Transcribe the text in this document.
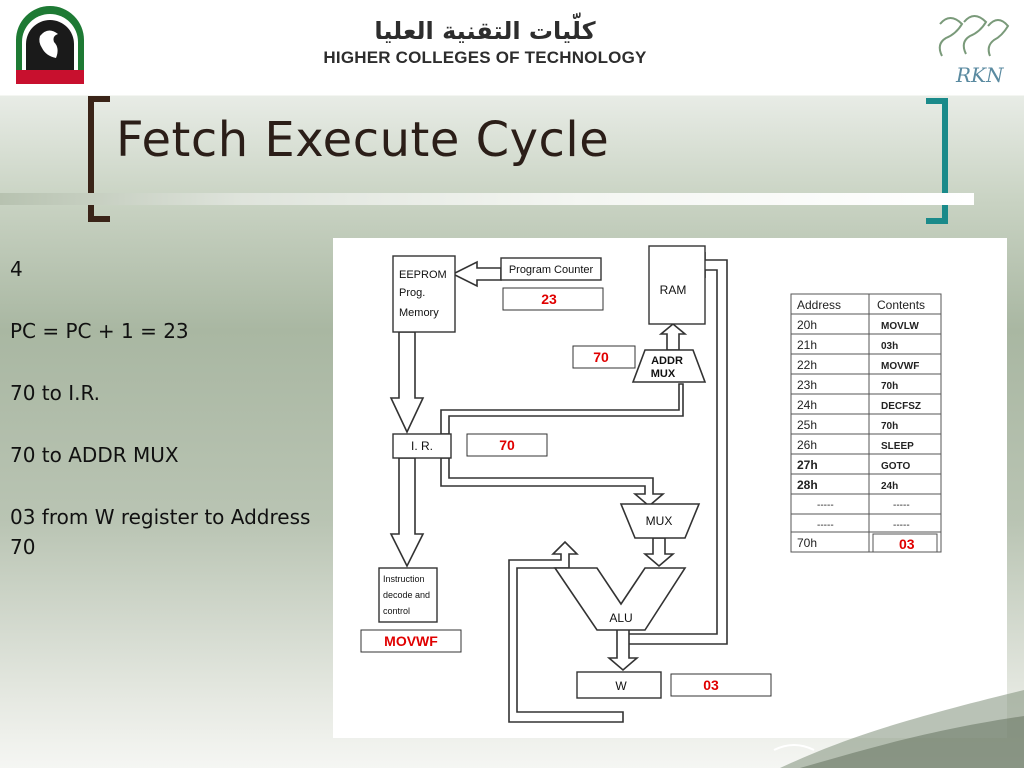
كلّيات التقنية العليا
HIGHER COLLEGES OF TECHNOLOGY
RKN
Fetch Execute Cycle
4
PC = PC + 1 = 23
70 to I.R.
70 to ADDR MUX
03 from W register to Address 70
EEPROM
Prog.
Memory
Program Counter
23
RAM
ADDR
MUX
70
I. R.	70
MUX
ALU
Instruction
decode and
control
MOVWF
W	03
Address	Contents
20h	MOVLW
21h	03h
22h	MOVWF
23h	70h
24h	DECFSZ
25h	70h
26h	SLEEP
27h	GOTO
28h	24h
-----	-----
-----	-----
70h	03
